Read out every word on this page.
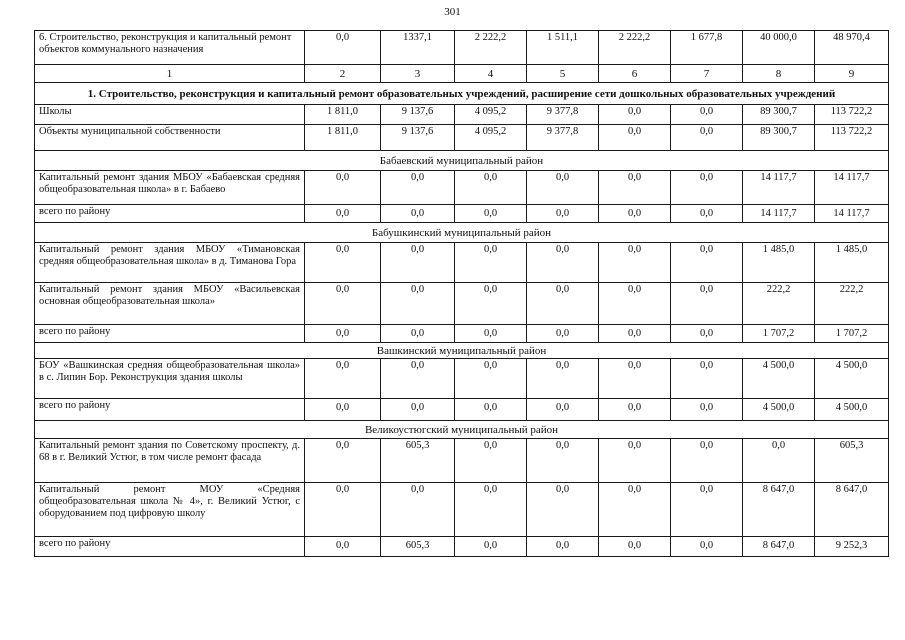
301
6. Строительство, реконструкция и капитальный ремонт объектов коммунального назначения	0,0	1337,1	2 222,2	1 511,1	2 222,2	1 677,8	40 000,0	48 970,4
1	2	3	4	5	6	7	8	9
1. Строительство, реконструкция и капитальный ремонт образовательных учреждений, расширение сети дошкольных образовательных учреждений								
Школы	1 811,0	9 137,6	4 095,2	9 377,8	0,0	0,0	89 300,7	113 722,2
Объекты муниципальной собственности	1 811,0	9 137,6	4 095,2	9 377,8	0,0	0,0	89 300,7	113 722,2
Бабаевский муниципальный район								
Капитальный ремонт здания МБОУ «Бабаевская средняя общеобразовательная школа» в г. Бабаево	0,0	0,0	0,0	0,0	0,0	0,0	14 117,7	14 117,7
всего по району	0,0	0,0	0,0	0,0	0,0	0,0	14 117,7	14 117,7
Бабушкинский муниципальный район								
Капитальный ремонт здания МБОУ «Тимановская средняя общеобразовательная школа» в д. Тиманова Гора	0,0	0,0	0,0	0,0	0,0	0,0	1 485,0	1 485,0
Капитальный ремонт здания МБОУ «Васильевская основная общеобразовательная школа»	0,0	0,0	0,0	0,0	0,0	0,0	222,2	222,2
всего по району	0,0	0,0	0,0	0,0	0,0	0,0	1 707,2	1 707,2
Вашкинский муниципальный район								
БОУ «Вашкинская средняя общеобразовательная школа» в с. Липин Бор. Реконструкция здания школы	0,0	0,0	0,0	0,0	0,0	0,0	4 500,0	4 500,0
всего по району	0,0	0,0	0,0	0,0	0,0	0,0	4 500,0	4 500,0
Великоустюгский муниципальный район								
Капитальный ремонт здания по Советскому проспекту, д. 68 в г. Великий Устюг, в том числе ремонт фасада	0,0	605,3	0,0	0,0	0,0	0,0	0,0	605,3
Капитальный ремонт МОУ «Средняя общеобразовательная школа № 4», г. Великий Устюг, с оборудованием под цифровую школу	0,0	0,0	0,0	0,0	0,0	0,0	8 647,0	8 647,0
всего по району	0,0	605,3	0,0	0,0	0,0	0,0	8 647,0	9 252,3
